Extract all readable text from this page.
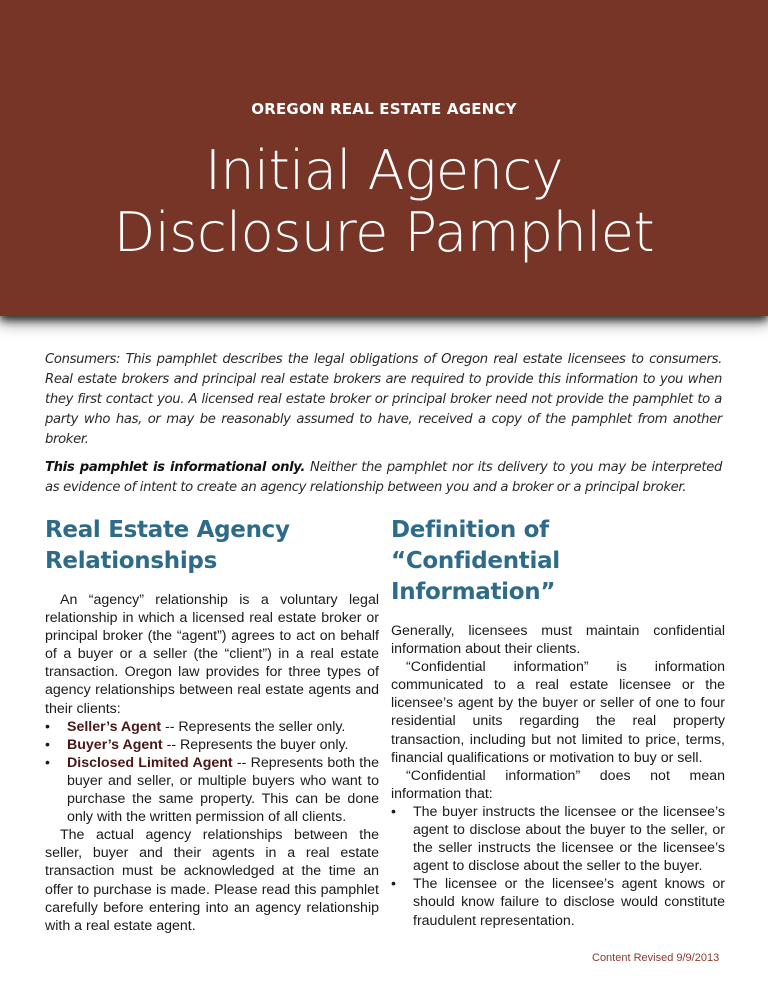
OREGON REAL ESTATE AGENCY
Initial Agency
Disclosure Pamphlet

Consumers: This pamphlet describes the legal obligations of Oregon real estate licensees to consumers. Real estate brokers and principal real estate brokers are required to provide this information to you when they first contact you. A licensed real estate broker or principal broker need not provide the pamphlet to a party who has, or may be reasonably assumed to have, received a copy of the pamphlet from another broker.

This pamphlet is informational only. Neither the pamphlet nor its delivery to you may be interpreted as evidence of intent to create an agency relationship between you and a broker or a principal broker.

Real Estate Agency Relationships

An “agency” relationship is a voluntary legal relationship in which a licensed real estate broker or principal broker (the “agent”) agrees to act on behalf of a buyer or a seller (the “client”) in a real estate transaction. Oregon law provides for three types of agency relationships between real estate agents and their clients:

• Seller’s Agent -- Represents the seller only.
• Buyer’s Agent -- Represents the buyer only.
• Disclosed Limited Agent -- Represents both the buyer and seller, or multiple buyers who want to purchase the same property. This can be done only with the written permission of all clients.

The actual agency relationships between the seller, buyer and their agents in a real estate transaction must be acknowledged at the time an offer to purchase is made. Please read this pamphlet carefully before entering into an agency relationship with a real estate agent.

Definition of “Confidential Information”

Generally, licensees must maintain confidential information about their clients.

“Confidential information” is information communicated to a real estate licensee or the licensee’s agent by the buyer or seller of one to four residential units regarding the real property transaction, including but not limited to price, terms, financial qualifications or motivation to buy or sell.

“Confidential information” does not mean information that:

• The buyer instructs the licensee or the licensee’s agent to disclose about the buyer to the seller, or the seller instructs the licensee or the licensee’s agent to disclose about the seller to the buyer.
• The licensee or the licensee’s agent knows or should know failure to disclose would constitute fraudulent representation.
Content Revised 9/9/2013
